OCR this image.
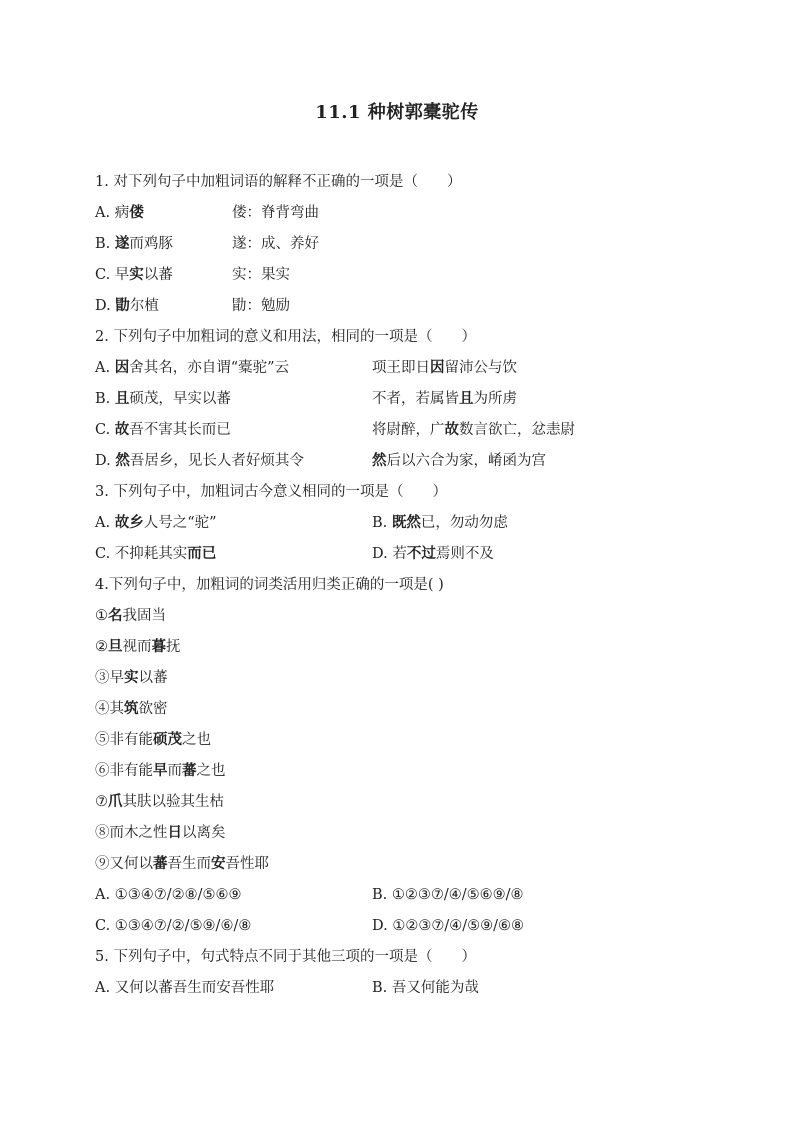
11.1 种树郭橐驼传
1. 对下列句子中加粗词语的解释不正确的一项是（　　）
A. 病偻	偻：脊背弯曲
B. 遂而鸡豚	遂：成、养好
C. 早实以蕃	实：果实
D. 勖尔植	勖：勉励
2. 下列句子中加粗词的意义和用法，相同的一项是（　　）
A. 因舍其名，亦自谓“橐驼”云	项王即日因留沛公与饮
B. 且硕茂，早实以蕃	不者，若属皆且为所虏
C. 故吾不害其长而已	将尉醉，广故数言欲亡，忿恚尉
D. 然吾居乡，见长人者好烦其令	然后以六合为家，崤函为宫
3. 下列句子中，加粗词古今意义相同的一项是（　　）
A. 故乡人号之“驼”	B. 既然已，勿动勿虑
C. 不抑耗其实而已	D. 若不过焉则不及
4.下列句子中，加粗词的词类活用归类正确的一项是( )
①名我固当
②旦视而暮抚
③早实以蕃
④其筑欲密
⑤非有能硕茂之也
⑥非有能早而蕃之也
⑦爪其肤以验其生枯
⑧而木之性日以离矣
⑨又何以蕃吾生而安吾性耶
A. ①③④⑦/②⑧/⑤⑥⑨	B. ①②③⑦/④/⑤⑥⑨/⑧
C. ①③④⑦/②/⑤⑨/⑥/⑧	D. ①②③⑦/④/⑤⑨/⑥⑧
5. 下列句子中，句式特点不同于其他三项的一项是（　　）
A. 又何以蕃吾生而安吾性耶	B. 吾又何能为哉
